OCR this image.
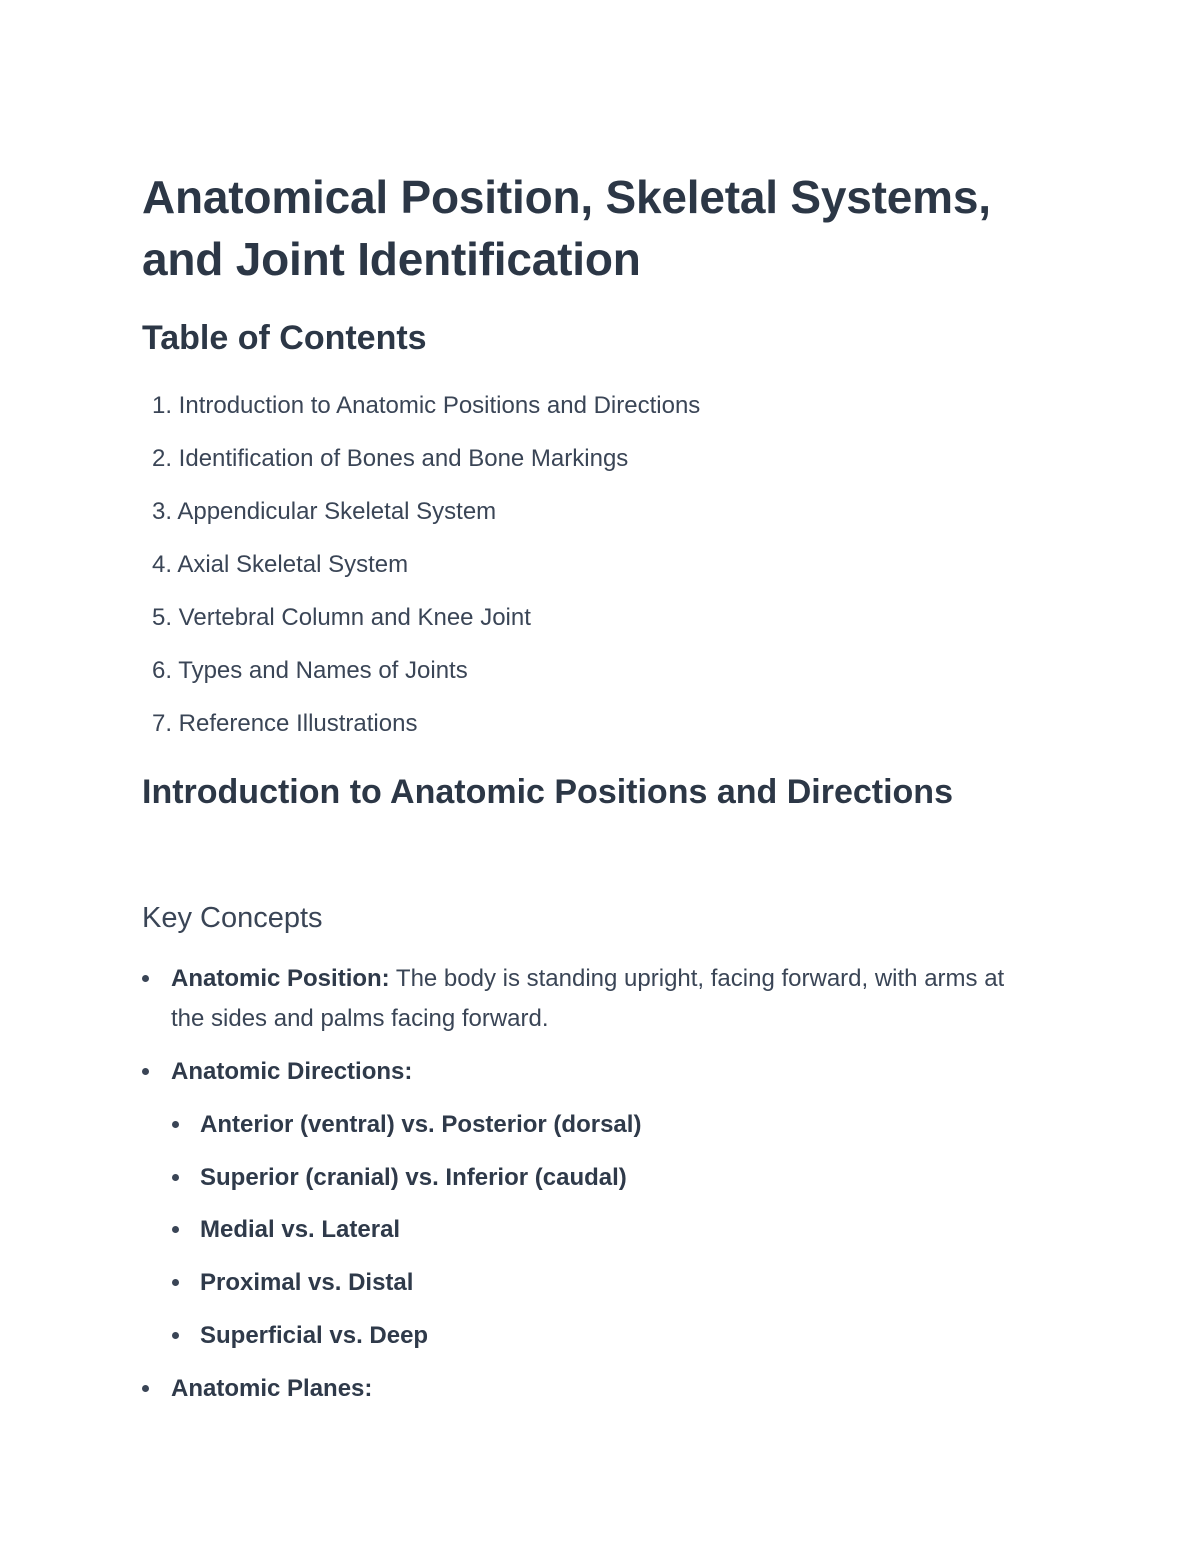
Anatomical Position, Skeletal Systems, and Joint Identification
Table of Contents
1. Introduction to Anatomic Positions and Directions
2. Identification of Bones and Bone Markings
3. Appendicular Skeletal System
4. Axial Skeletal System
5. Vertebral Column and Knee Joint
6. Types and Names of Joints
7. Reference Illustrations
Introduction to Anatomic Positions and Directions
Key Concepts
Anatomic Position: The body is standing upright, facing forward, with arms at the sides and palms facing forward.
Anatomic Directions:
Anterior (ventral) vs. Posterior (dorsal)
Superior (cranial) vs. Inferior (caudal)
Medial vs. Lateral
Proximal vs. Distal
Superficial vs. Deep
Anatomic Planes:
